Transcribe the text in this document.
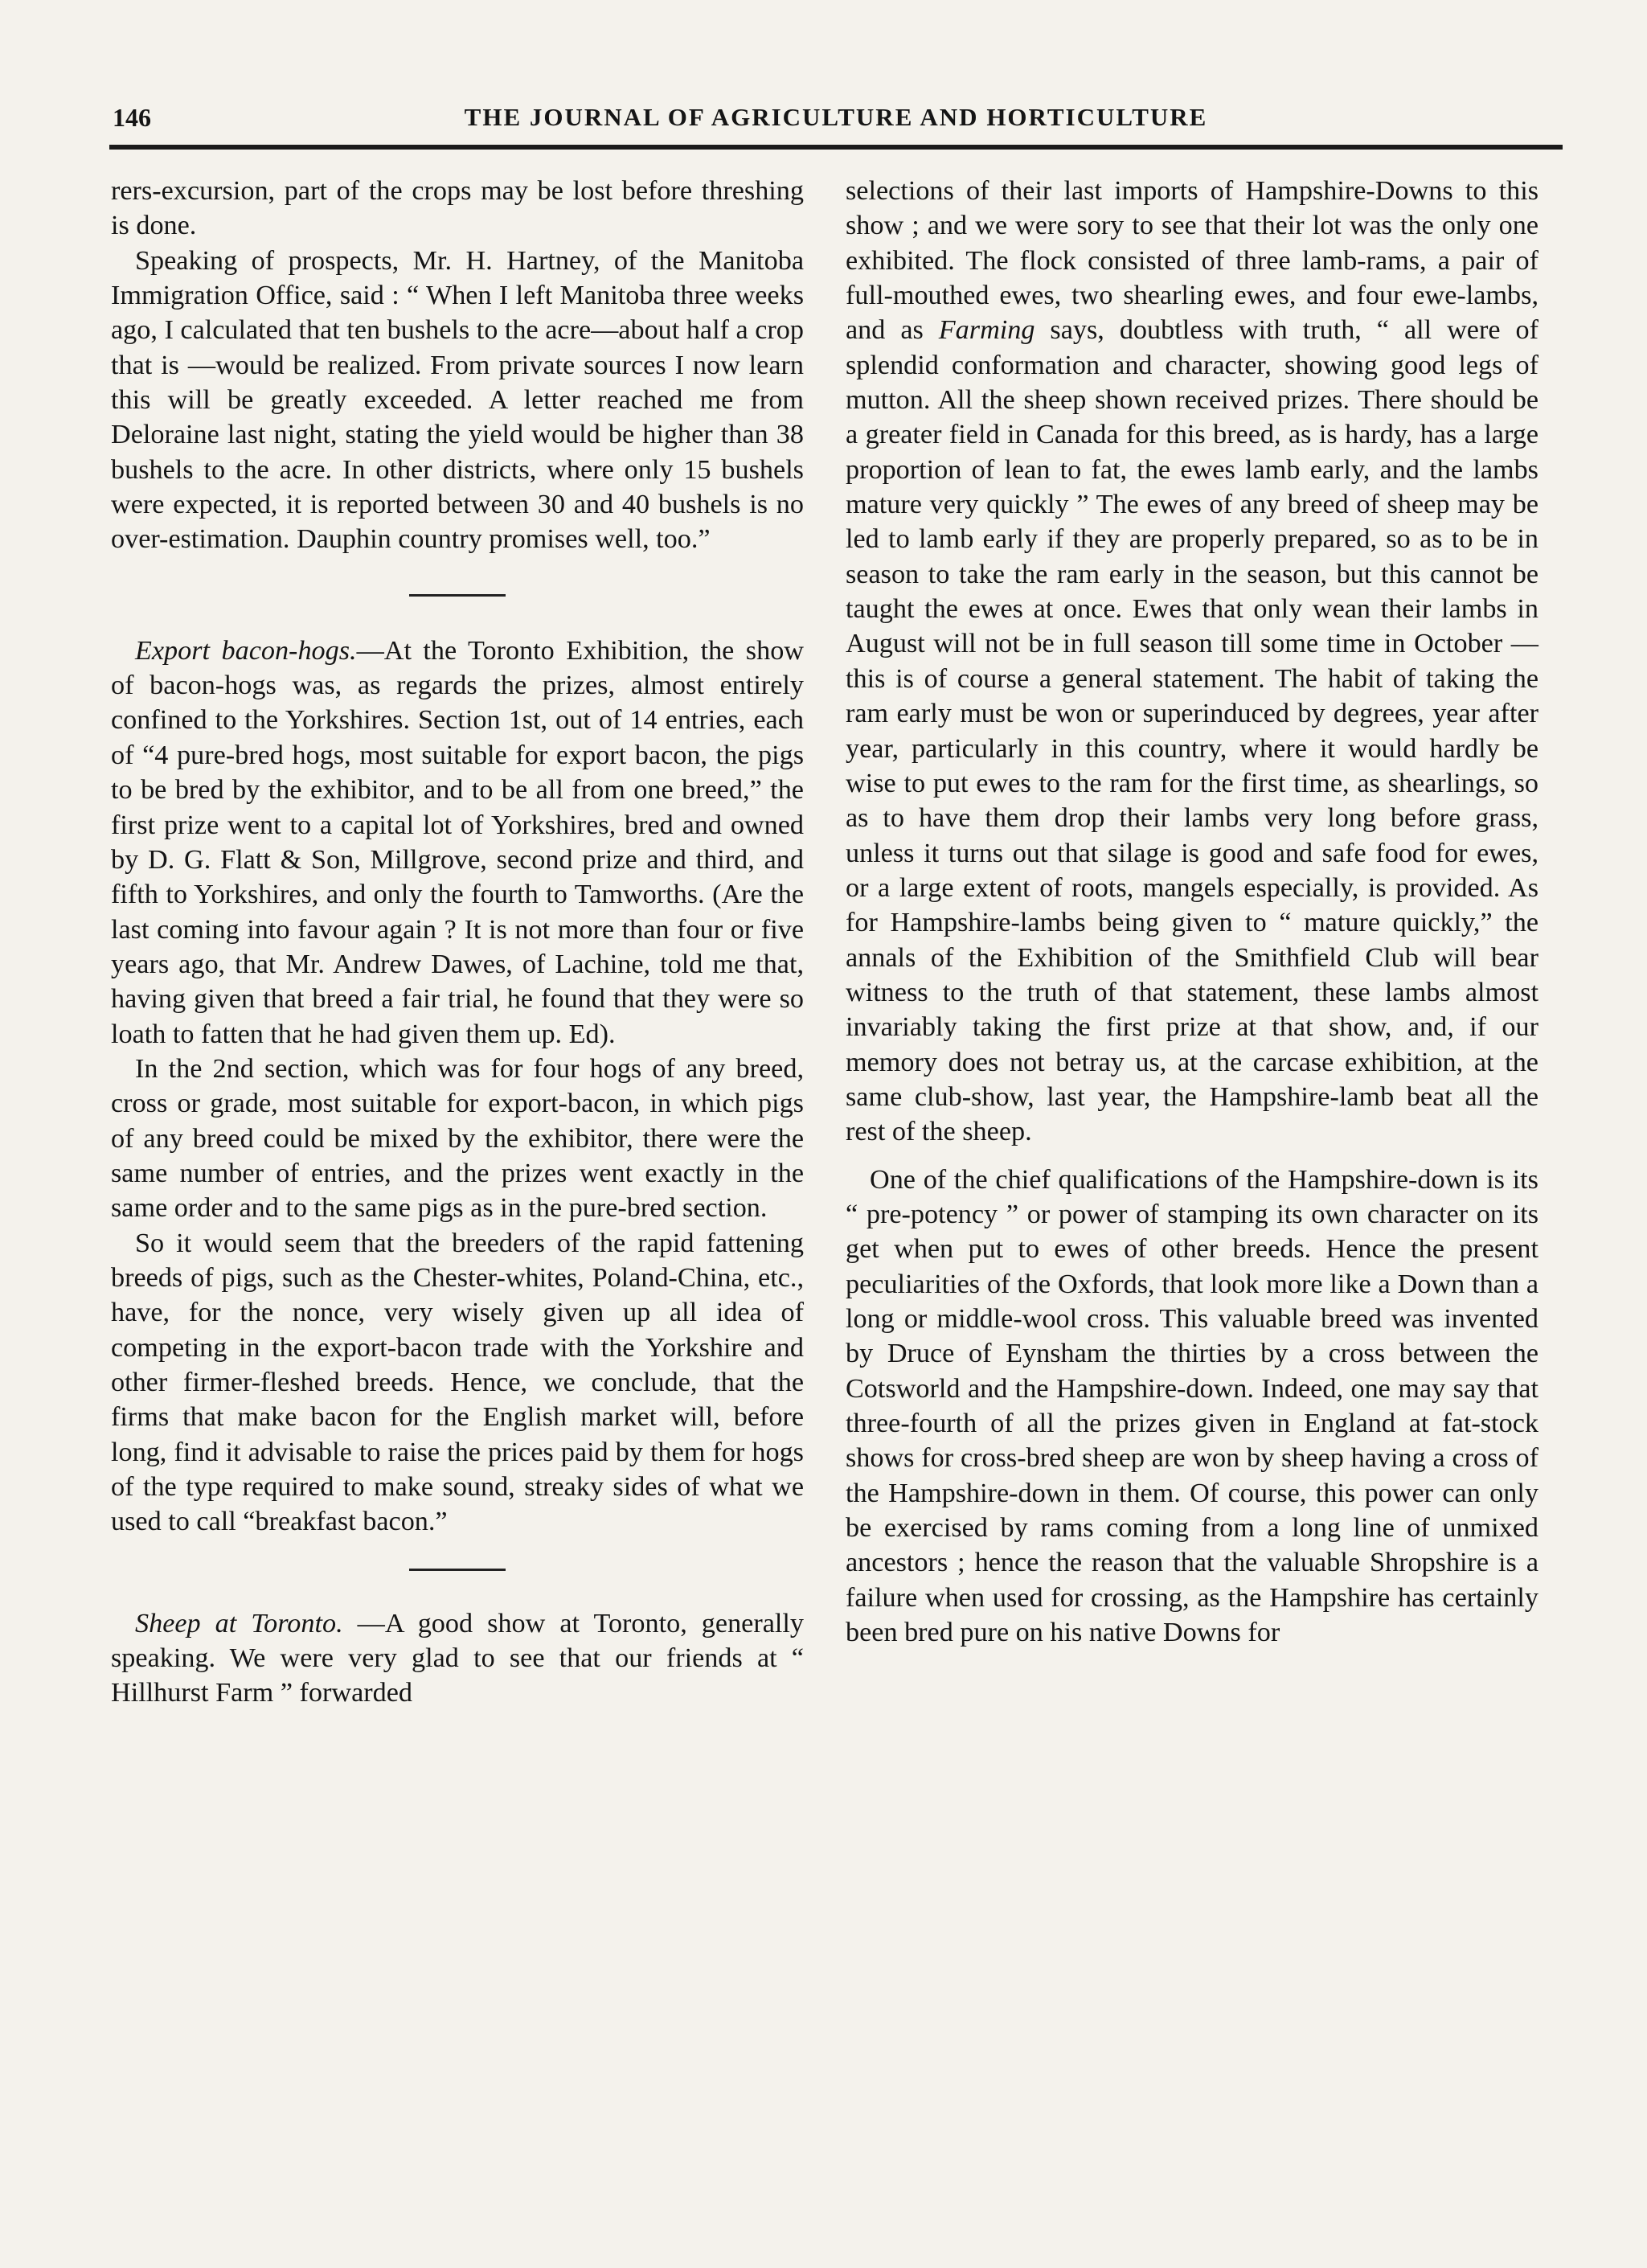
146	THE JOURNAL OF AGRICULTURE AND HORTICULTURE

rers-excursion, part of the crops may be lost before threshing is done.

Speaking of prospects, Mr. H. Hartney, of the Manitoba Immigration Office, said : “ When I left Manitoba three weeks ago, I calculated that ten bushels to the acre—about half a crop that is —would be realized. From private sources I now learn this will be greatly exceeded. A letter reached me from Deloraine last night, stating the yield would be higher than 38 bushels to the acre. In other districts, where only 15 bushels were expected, it is reported between 30 and 40 bushels is no over-estimation. Dauphin country promises well, too.”

Export bacon-hogs.—At the Toronto Exhibition, the show of bacon-hogs was, as regards the prizes, almost entirely confined to the Yorkshires. Section 1st, out of 14 entries, each of “4 pure-bred hogs, most suitable for export bacon, the pigs to be bred by the exhibitor, and to be all from one breed,” the first prize went to a capital lot of Yorkshires, bred and owned by D. G. Flatt & Son, Millgrove, second prize and third, and fifth to Yorkshires, and only the fourth to Tamworths. (Are the last coming into favour again ? It is not more than four or five years ago, that Mr. Andrew Dawes, of Lachine, told me that, having given that breed a fair trial, he found that they were so loath to fatten that he had given them up. Ed).

In the 2nd section, which was for four hogs of any breed, cross or grade, most suitable for export-bacon, in which pigs of any breed could be mixed by the exhibitor, there were the same number of entries, and the prizes went exactly in the same order and to the same pigs as in the pure-bred section.

So it would seem that the breeders of the rapid fattening breeds of pigs, such as the Chester-whites, Poland-China, etc., have, for the nonce, very wisely given up all idea of competing in the export-bacon trade with the Yorkshire and other firmer-fleshed breeds. Hence, we conclude, that the firms that make bacon for the English market will, before long, find it advisable to raise the prices paid by them for hogs of the type required to make sound, streaky sides of what we used to call “breakfast bacon.”

Sheep at Toronto. —A good show at Toronto, generally speaking. We were very glad to see that our friends at “ Hillhurst Farm ” forwarded

selections of their last imports of Hampshire-Downs to this show ; and we were sory to see that their lot was the only one exhibited. The flock consisted of three lamb-rams, a pair of full-mouthed ewes, two shearling ewes, and four ewe-lambs, and as Farming says, doubtless with truth, “ all were of splendid conformation and character, showing good legs of mutton. All the sheep shown received prizes. There should be a greater field in Canada for this breed, as is hardy, has a large proportion of lean to fat, the ewes lamb early, and the lambs mature very quickly ” The ewes of any breed of sheep may be led to lamb early if they are properly prepared, so as to be in season to take the ram early in the season, but this cannot be taught the ewes at once. Ewes that only wean their lambs in August will not be in full season till some time in October — this is of course a general statement. The habit of taking the ram early must be won or superinduced by degrees, year after year, particularly in this country, where it would hardly be wise to put ewes to the ram for the first time, as shearlings, so as to have them drop their lambs very long before grass, unless it turns out that silage is good and safe food for ewes, or a large extent of roots, mangels especially, is provided. As for Hampshire-lambs being given to “ mature quickly,” the annals of the Exhibition of the Smithfield Club will bear witness to the truth of that statement, these lambs almost invariably taking the first prize at that show, and, if our memory does not betray us, at the carcase exhibition, at the same club-show, last year, the Hampshire-lamb beat all the rest of the sheep.

One of the chief qualifications of the Hampshire-down is its “ pre-potency ” or power of stamping its own character on its get when put to ewes of other breeds. Hence the present peculiarities of the Oxfords, that look more like a Down than a long or middle-wool cross. This valuable breed was invented by Druce of Eynsham the thirties by a cross between the Cotsworld and the Hampshire-down. Indeed, one may say that three-fourth of all the prizes given in England at fat-stock shows for cross-bred sheep are won by sheep having a cross of the Hampshire-down in them. Of course, this power can only be exercised by rams coming from a long line of unmixed ancestors ; hence the reason that the valuable Shropshire is a failure when used for crossing, as the Hampshire has certainly been bred pure on his native Downs for
